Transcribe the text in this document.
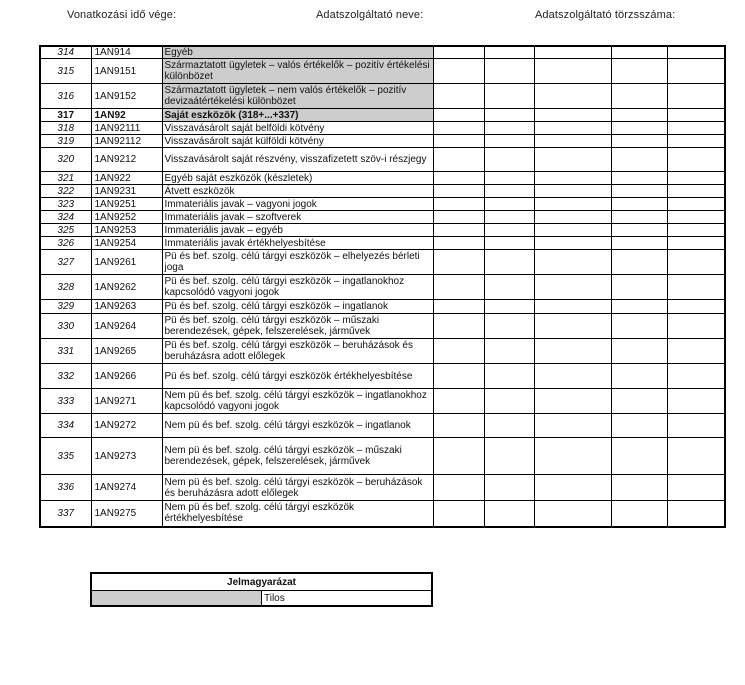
Vonatkozási idő vége:	Adatszolgáltató neve:	Adatszolgáltató törzsszáma:
314	1AN914	Egyéb					
315	1AN9151	Származtatott ügyletek – valós értékelők – pozitív értékelési különbözet					
316	1AN9152	Származtatott ügyletek – nem valós értékelők – pozitív devizaátértékelési különbözet					
317	1AN92	Saját eszközök (318+...+337)					
318	1AN92111	Visszavásárolt saját belföldi kötvény					
319	1AN92112	Visszavásárolt saját külföldi kötvény					
320	1AN9212	Visszavásárolt saját részvény, visszafizetett szöv-i részjegy					
321	1AN922	Egyéb saját eszközök (készletek)					
322	1AN9231	Átvett eszközök					
323	1AN9251	Immateriális javak – vagyoni jogok					
324	1AN9252	Immateriális javak – szoftverek					
325	1AN9253	Immateriális javak – egyéb					
326	1AN9254	Immateriális javak értékhelyesbítése					
327	1AN9261	Pü és bef. szolg. célú tárgyi eszközök – elhelyezés bérleti joga					
328	1AN9262	Pü és bef. szolg. célú tárgyi eszközök – ingatlanokhoz kapcsolódó vagyoni jogok					
329	1AN9263	Pü és bef. szolg. célú tárgyi eszközök – ingatlanok					
330	1AN9264	Pü és bef. szolg. célú tárgyi eszközök – műszaki berendezések, gépek, felszerelések, járművek					
331	1AN9265	Pü és bef. szolg. célú tárgyi eszközök – beruházások és beruházásra adott előlegek					
332	1AN9266	Pü és bef. szolg. célú tárgyi eszközök értékhelyesbítése					
333	1AN9271	Nem pü és bef. szolg. célú tárgyi eszközök – ingatlanokhoz kapcsolódó vagyoni jogok					
334	1AN9272	Nem pü és bef. szolg. célú tárgyi eszközök – ingatlanok					
335	1AN9273	Nem pü és bef. szolg. célú tárgyi eszközök – műszaki berendezések, gépek, felszerelések, járművek					
336	1AN9274	Nem pü és bef. szolg. célú tárgyi eszközök – beruházások és beruházásra adott előlegek					
337	1AN9275	Nem pü és bef. szolg. célú tárgyi eszközök értékhelyesbítése					
Jelmagyarázat
	Tilos
